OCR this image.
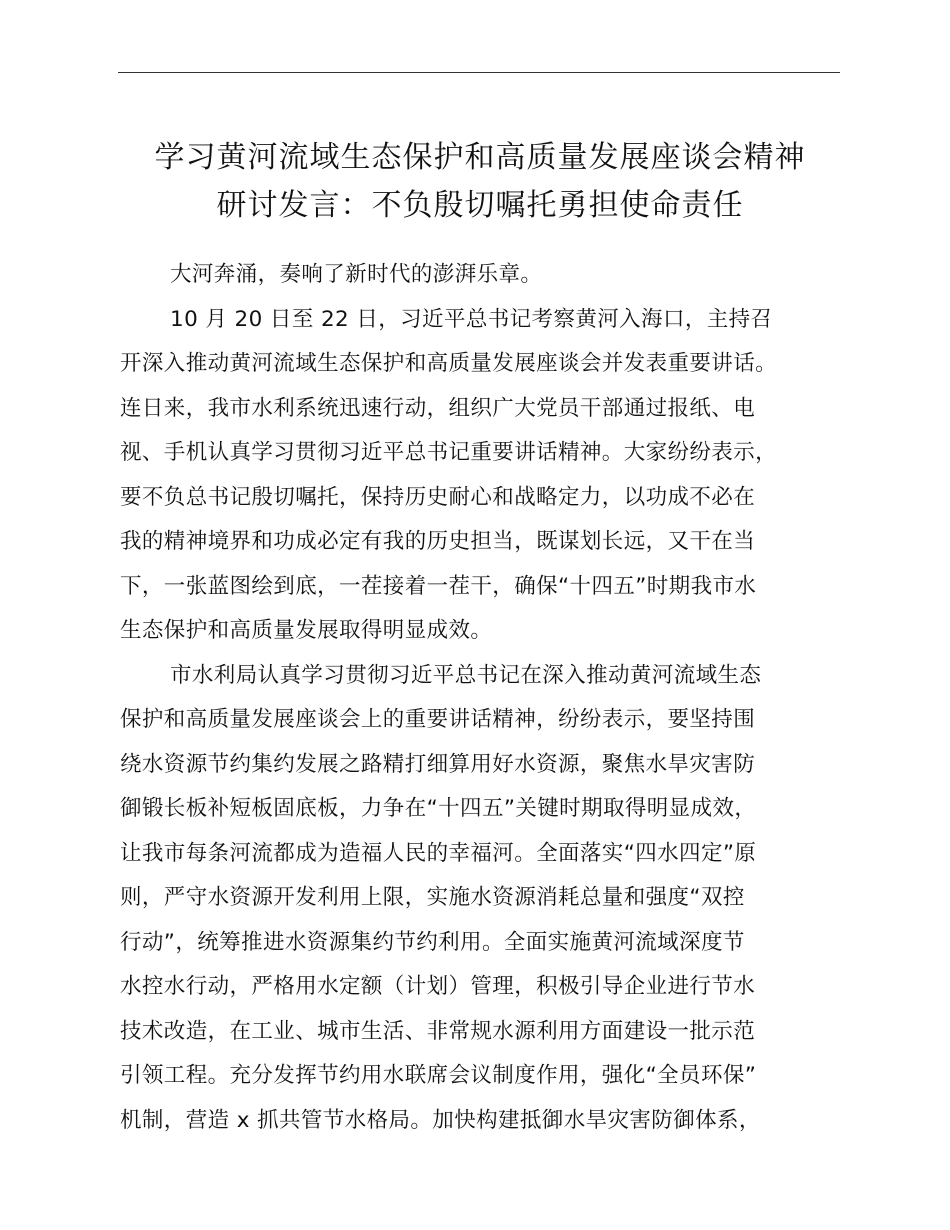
学习黄河流域生态保护和高质量发展座谈会精神
研讨发言：不负殷切嘱托勇担使命责任
大河奔涌，奏响了新时代的澎湃乐章。
10 月 20 日至 22 日，习近平总书记考察黄河入海口，主持召
开深入推动黄河流域生态保护和高质量发展座谈会并发表重要讲话。
连日来，我市水利系统迅速行动，组织广大党员干部通过报纸、电
视、手机认真学习贯彻习近平总书记重要讲话精神。大家纷纷表示，
要不负总书记殷切嘱托，保持历史耐心和战略定力，以功成不必在
我的精神境界和功成必定有我的历史担当，既谋划长远，又干在当
下，一张蓝图绘到底，一茬接着一茬干，确保“十四五”时期我市水
生态保护和高质量发展取得明显成效。
市水利局认真学习贯彻习近平总书记在深入推动黄河流域生态
保护和高质量发展座谈会上的重要讲话精神，纷纷表示，要坚持围
绕水资源节约集约发展之路精打细算用好水资源，聚焦水旱灾害防
御锻长板补短板固底板，力争在“十四五”关键时期取得明显成效，
让我市每条河流都成为造福人民的幸福河。全面落实“四水四定”原
则，严守水资源开发利用上限，实施水资源消耗总量和强度“双控
行动”，统筹推进水资源集约节约利用。全面实施黄河流域深度节
水控水行动，严格用水定额（计划）管理，积极引导企业进行节水
技术改造，在工业、城市生活、非常规水源利用方面建设一批示范
引领工程。充分发挥节约用水联席会议制度作用，强化“全员环保”
机制，营造 x 抓共管节水格局。加快构建抵御水旱灾害防御体系，
